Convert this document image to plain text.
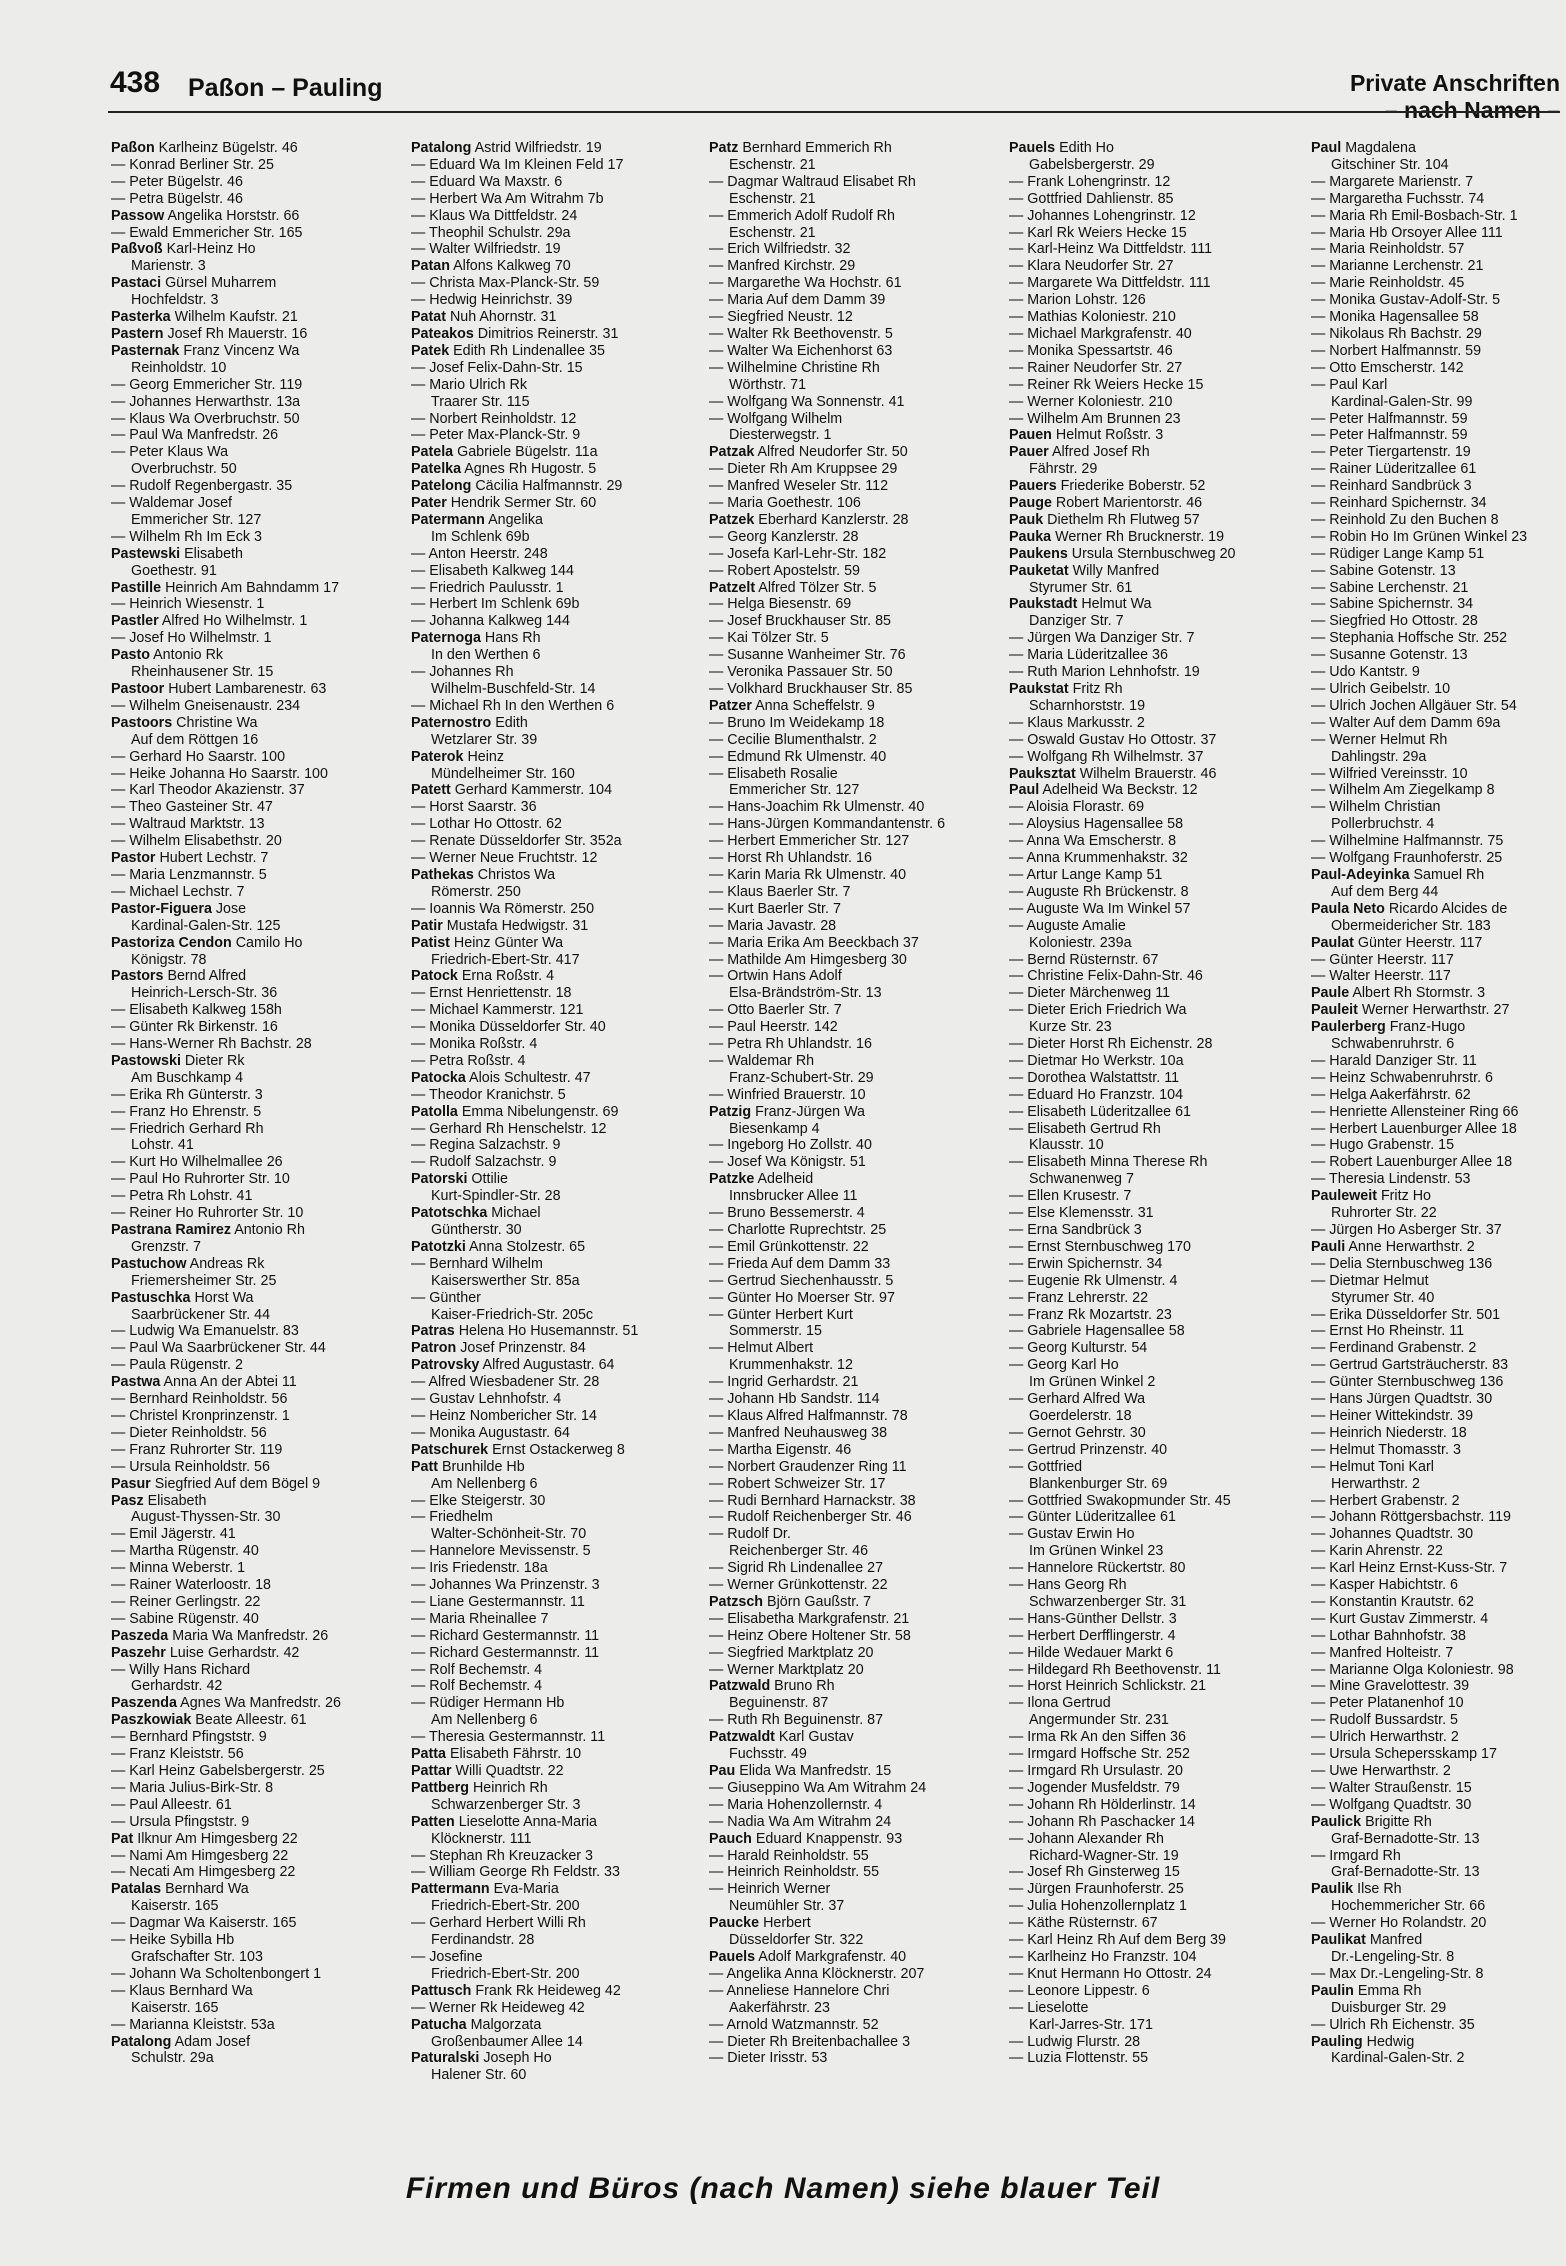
438 Paßon – Pauling	Private Anschriften
– nach Namen –
Paßon Karlheinz Bügelstr. 46
— Konrad Berliner Str. 25
— Peter Bügelstr. 46
— Petra Bügelstr. 46
Passow Angelika Horststr. 66
— Ewald Emmericher Str. 165
Paßvoß Karl-Heinz Ho
Marienstr. 3
Pastaci Gürsel Muharrem
Hochfeldstr. 3
Pasterka Wilhelm Kaufstr. 21
Pastern Josef Rh Mauerstr. 16
Pasternak Franz Vincenz Wa
Reinholdstr. 10
— Georg Emmericher Str. 119
— Johannes Herwarthstr. 13a
— Klaus Wa Overbruchstr. 50
— Paul Wa Manfredstr. 26
— Peter Klaus Wa
Overbruchstr. 50
— Rudolf Regenbergastr. 35
— Waldemar Josef
Emmericher Str. 127
— Wilhelm Rh Im Eck 3
Pastewski Elisabeth
Goethestr. 91
Pastille Heinrich Am Bahndamm 17
— Heinrich Wiesenstr. 1
Pastler Alfred Ho Wilhelmstr. 1
— Josef Ho Wilhelmstr. 1
Pasto Antonio Rk
Rheinhausener Str. 15
Pastoor Hubert Lambarenestr. 63
— Wilhelm Gneisenaustr. 234
Pastoors Christine Wa
Auf dem Röttgen 16
— Gerhard Ho Saarstr. 100
— Heike Johanna Ho Saarstr. 100
— Karl Theodor Akazienstr. 37
— Theo Gasteiner Str. 47
— Waltraud Marktstr. 13
— Wilhelm Elisabethstr. 20
Pastor Hubert Lechstr. 7
— Maria Lenzmannstr. 5
— Michael Lechstr. 7
Pastor-Figuera Jose
Kardinal-Galen-Str. 125
Pastoriza Cendon Camilo Ho
Königstr. 78
Pastors Bernd Alfred
Heinrich-Lersch-Str. 36
— Elisabeth Kalkweg 158h
— Günter Rk Birkenstr. 16
— Hans-Werner Rh Bachstr. 28
Pastowski Dieter Rk
Am Buschkamp 4
— Erika Rh Günterstr. 3
— Franz Ho Ehrenstr. 5
— Friedrich Gerhard Rh
Lohstr. 41
— Kurt Ho Wilhelmallee 26
— Paul Ho Ruhrorter Str. 10
— Petra Rh Lohstr. 41
— Reiner Ho Ruhrorter Str. 10
Pastrana Ramirez Antonio Rh
Grenzstr. 7
Pastuchow Andreas Rk
Friemersheimer Str. 25
Pastuschka Horst Wa
Saarbrückener Str. 44
— Ludwig Wa Emanuelstr. 83
— Paul Wa Saarbrückener Str. 44
— Paula Rügenstr. 2
Pastwa Anna An der Abtei 11
— Bernhard Reinholdstr. 56
— Christel Kronprinzenstr. 1
— Dieter Reinholdstr. 56
— Franz Ruhrorter Str. 119
— Ursula Reinholdstr. 56
Pasur Siegfried Auf dem Bögel 9
Pasz Elisabeth
August-Thyssen-Str. 30
— Emil Jägerstr. 41
— Martha Rügenstr. 40
— Minna Weberstr. 1
— Rainer Waterloostr. 18
— Reiner Gerlingstr. 22
— Sabine Rügenstr. 40
Paszeda Maria Wa Manfredstr. 26
Paszehr Luise Gerhardstr. 42
— Willy Hans Richard
Gerhardstr. 42
Paszenda Agnes Wa Manfredstr. 26
Paszkowiak Beate Alleestr. 61
— Bernhard Pfingststr. 9
— Franz Kleiststr. 56
— Karl Heinz Gabelsbergerstr. 25
— Maria Julius-Birk-Str. 8
— Paul Alleestr. 61
— Ursula Pfingststr. 9
Pat Ilknur Am Himgesberg 22
— Nami Am Himgesberg 22
— Necati Am Himgesberg 22
Patalas Bernhard Wa
Kaiserstr. 165
— Dagmar Wa Kaiserstr. 165
— Heike Sybilla Hb
Grafschafter Str. 103
— Johann Wa Scholtenbongert 1
— Klaus Bernhard Wa
Kaiserstr. 165
— Marianna Kleiststr. 53a
Patalong Adam Josef
Schulstr. 29a
Patalong Astrid Wilfriedstr. 19
— Eduard Wa Im Kleinen Feld 17
— Eduard Wa Maxstr. 6
— Herbert Wa Am Witrahm 7b
— Klaus Wa Dittfeldstr. 24
— Theophil Schulstr. 29a
— Walter Wilfriedstr. 19
Patan Alfons Kalkweg 70
— Christa Max-Planck-Str. 59
— Hedwig Heinrichstr. 39
Patat Nuh Ahornstr. 31
Pateakos Dimitrios Reinerstr. 31
Patek Edith Rh Lindenallee 35
— Josef Felix-Dahn-Str. 15
— Mario Ulrich Rk
Traarer Str. 115
— Norbert Reinholdstr. 12
— Peter Max-Planck-Str. 9
Patela Gabriele Bügelstr. 11a
Patelka Agnes Rh Hugostr. 5
Patelong Cäcilia Halfmannstr. 29
Pater Hendrik Sermer Str. 60
Patermann Angelika
Im Schlenk 69b
— Anton Heerstr. 248
— Elisabeth Kalkweg 144
— Friedrich Paulusstr. 1
— Herbert Im Schlenk 69b
— Johanna Kalkweg 144
Paternoga Hans Rh
In den Werthen 6
— Johannes Rh
Wilhelm-Buschfeld-Str. 14
— Michael Rh In den Werthen 6
Paternostro Edith
Wetzlarer Str. 39
Paterok Heinz
Mündelheimer Str. 160
Patett Gerhard Kammerstr. 104
— Horst Saarstr. 36
— Lothar Ho Ottostr. 62
— Renate Düsseldorfer Str. 352a
— Werner Neue Fruchtstr. 12
Pathekas Christos Wa
Römerstr. 250
— Ioannis Wa Römerstr. 250
Patir Mustafa Hedwigstr. 31
Patist Heinz Günter Wa
Friedrich-Ebert-Str. 417
Patock Erna Roßstr. 4
— Ernst Henriettenstr. 18
— Michael Kammerstr. 121
— Monika Düsseldorfer Str. 40
— Monika Roßstr. 4
— Petra Roßstr. 4
Patocka Alois Schultestr. 47
— Theodor Kranichstr. 5
Patolla Emma Nibelungenstr. 69
— Gerhard Rh Henschelstr. 12
— Regina Salzachstr. 9
— Rudolf Salzachstr. 9
Patorski Ottilie
Kurt-Spindler-Str. 28
Patotschka Michael
Güntherstr. 30
Patotzki Anna Stolzestr. 65
— Bernhard Wilhelm
Kaiserswerther Str. 85a
— Günther
Kaiser-Friedrich-Str. 205c
Patras Helena Ho Husemannstr. 51
Patron Josef Prinzenstr. 84
Patrovsky Alfred Augustastr. 64
— Alfred Wiesbadener Str. 28
— Gustav Lehnhofstr. 4
— Heinz Nombericher Str. 14
— Monika Augustastr. 64
Patschurek Ernst Ostackerweg 8
Patt Brunhilde Hb
Am Nellenberg 6
— Elke Steigerstr. 30
— Friedhelm
Walter-Schönheit-Str. 70
— Hannelore Mevissenstr. 5
— Iris Friedenstr. 18a
— Johannes Wa Prinzenstr. 3
— Liane Gestermannstr. 11
— Maria Rheinallee 7
— Richard Gestermannstr. 11
— Richard Gestermannstr. 11
— Rolf Bechemstr. 4
— Rolf Bechemstr. 4
— Rüdiger Hermann Hb
Am Nellenberg 6
— Theresia Gestermannstr. 11
Patta Elisabeth Fährstr. 10
Pattar Willi Quadtstr. 22
Pattberg Heinrich Rh
Schwarzenberger Str. 3
Patten Lieselotte Anna-Maria
Klöcknerstr. 111
— Stephan Rh Kreuzacker 3
— William George Rh Feldstr. 33
Pattermann Eva-Maria
Friedrich-Ebert-Str. 200
— Gerhard Herbert Willi Rh
Ferdinandstr. 28
— Josefine
Friedrich-Ebert-Str. 200
Pattusch Frank Rk Heideweg 42
— Werner Rk Heideweg 42
Patucha Malgorzata
Großenbaumer Allee 14
Paturalski Joseph Ho
Halener Str. 60
Patz Bernhard Emmerich Rh
Eschenstr. 21
— Dagmar Waltraud Elisabet Rh
Eschenstr. 21
— Emmerich Adolf Rudolf Rh
Eschenstr. 21
— Erich Wilfriedstr. 32
— Manfred Kirchstr. 29
— Margarethe Wa Hochstr. 61
— Maria Auf dem Damm 39
— Siegfried Neustr. 12
— Walter Rk Beethovenstr. 5
— Walter Wa Eichenhorst 63
— Wilhelmine Christine Rh
Wörthstr. 71
— Wolfgang Wa Sonnenstr. 41
— Wolfgang Wilhelm
Diesterwegstr. 1
Patzak Alfred Neudorfer Str. 50
— Dieter Rh Am Kruppsee 29
— Manfred Weseler Str. 112
— Maria Goethestr. 106
Patzek Eberhard Kanzlerstr. 28
— Georg Kanzlerstr. 28
— Josefa Karl-Lehr-Str. 182
— Robert Apostelstr. 59
Patzelt Alfred Tölzer Str. 5
— Helga Biesenstr. 69
— Josef Bruckhauser Str. 85
— Kai Tölzer Str. 5
— Susanne Wanheimer Str. 76
— Veronika Passauer Str. 50
— Volkhard Bruckhauser Str. 85
Patzer Anna Scheffelstr. 9
— Bruno Im Weidekamp 18
— Cecilie Blumenthalstr. 2
— Edmund Rk Ulmenstr. 40
— Elisabeth Rosalie
Emmericher Str. 127
— Hans-Joachim Rk Ulmenstr. 40
— Hans-Jürgen Kommandantenstr. 6
— Herbert Emmericher Str. 127
— Horst Rh Uhlandstr. 16
— Karin Maria Rk Ulmenstr. 40
— Klaus Baerler Str. 7
— Kurt Baerler Str. 7
— Maria Javastr. 28
— Maria Erika Am Beeckbach 37
— Mathilde Am Himgesberg 30
— Ortwin Hans Adolf
Elsa-Brändström-Str. 13
— Otto Baerler Str. 7
— Paul Heerstr. 142
— Petra Rh Uhlandstr. 16
— Waldemar Rh
Franz-Schubert-Str. 29
— Winfried Brauerstr. 10
Patzig Franz-Jürgen Wa
Biesenkamp 4
— Ingeborg Ho Zollstr. 40
— Josef Wa Königstr. 51
Patzke Adelheid
Innsbrucker Allee 11
— Bruno Bessemerstr. 4
— Charlotte Ruprechtstr. 25
— Emil Grünkottenstr. 22
— Frieda Auf dem Damm 33
— Gertrud Siechenhausstr. 5
— Günter Ho Moerser Str. 97
— Günter Herbert Kurt
Sommerstr. 15
— Helmut Albert
Krummenhakstr. 12
— Ingrid Gerhardstr. 21
— Johann Hb Sandstr. 114
— Klaus Alfred Halfmannstr. 78
— Manfred Neuhausweg 38
— Martha Eigenstr. 46
— Norbert Graudenzer Ring 11
— Robert Schweizer Str. 17
— Rudi Bernhard Harnackstr. 38
— Rudolf Reichenberger Str. 46
— Rudolf Dr.
Reichenberger Str. 46
— Sigrid Rh Lindenallee 27
— Werner Grünkottenstr. 22
Patzsch Björn Gaußstr. 7
— Elisabetha Markgrafenstr. 21
— Heinz Obere Holtener Str. 58
— Siegfried Marktplatz 20
— Werner Marktplatz 20
Patzwald Bruno Rh
Beguinenstr. 87
— Ruth Rh Beguinenstr. 87
Patzwaldt Karl Gustav
Fuchsstr. 49
Pau Elida Wa Manfredstr. 15
— Giuseppino Wa Am Witrahm 24
— Maria Hohenzollernstr. 4
— Nadia Wa Am Witrahm 24
Pauch Eduard Knappenstr. 93
— Harald Reinholdstr. 55
— Heinrich Reinholdstr. 55
— Heinrich Werner
Neumühler Str. 37
Paucke Herbert
Düsseldorfer Str. 322
Pauels Adolf Markgrafenstr. 40
— Angelika Anna Klöcknerstr. 207
— Anneliese Hannelore Chri
Aakerfährstr. 23
— Arnold Watzmannstr. 52
— Dieter Rh Breitenbachallee 3
— Dieter Irisstr. 53
Pauels Edith Ho
Gabelsbergerstr. 29
— Frank Lohengrinstr. 12
— Gottfried Dahlienstr. 85
— Johannes Lohengrinstr. 12
— Karl Rk Weiers Hecke 15
— Karl-Heinz Wa Dittfeldstr. 111
— Klara Neudorfer Str. 27
— Margarete Wa Dittfeldstr. 111
— Marion Lohstr. 126
— Mathias Koloniestr. 210
— Michael Markgrafenstr. 40
— Monika Spessartstr. 46
— Rainer Neudorfer Str. 27
— Reiner Rk Weiers Hecke 15
— Werner Koloniestr. 210
— Wilhelm Am Brunnen 23
Pauen Helmut Roßstr. 3
Pauer Alfred Josef Rh
Fährstr. 29
Pauers Friederike Boberstr. 52
Pauge Robert Marientorstr. 46
Pauk Diethelm Rh Flutweg 57
Pauka Werner Rh Brucknerstr. 19
Paukens Ursula Sternbuschweg 20
Pauketat Willy Manfred
Styrumer Str. 61
Paukstadt Helmut Wa
Danziger Str. 7
— Jürgen Wa Danziger Str. 7
— Maria Lüderitzallee 36
— Ruth Marion Lehnhofstr. 19
Paukstat Fritz Rh
Scharnhorststr. 19
— Klaus Markusstr. 2
— Oswald Gustav Ho Ottostr. 37
— Wolfgang Rh Wilhelmstr. 37
Pauksztat Wilhelm Brauerstr. 46
Paul Adelheid Wa Beckstr. 12
— Aloisia Florastr. 69
— Aloysius Hagensallee 58
— Anna Wa Emscherstr. 8
— Anna Krummenhakstr. 32
— Artur Lange Kamp 51
— Auguste Rh Brückenstr. 8
— Auguste Wa Im Winkel 57
— Auguste Amalie
Koloniestr. 239a
— Bernd Rüsternstr. 67
— Christine Felix-Dahn-Str. 46
— Dieter Märchenweg 11
— Dieter Erich Friedrich Wa
Kurze Str. 23
— Dieter Horst Rh Eichenstr. 28
— Dietmar Ho Werkstr. 10a
— Dorothea Walstattstr. 11
— Eduard Ho Franzstr. 104
— Elisabeth Lüderitzallee 61
— Elisabeth Gertrud Rh
Klausstr. 10
— Elisabeth Minna Therese Rh
Schwanenweg 7
— Ellen Krusestr. 7
— Else Klemensstr. 31
— Erna Sandbrück 3
— Ernst Sternbuschweg 170
— Erwin Spichernstr. 34
— Eugenie Rk Ulmenstr. 4
— Franz Lehrerstr. 22
— Franz Rk Mozartstr. 23
— Gabriele Hagensallee 58
— Georg Kulturstr. 54
— Georg Karl Ho
Im Grünen Winkel 2
— Gerhard Alfred Wa
Goerdelerstr. 18
— Gernot Gehrstr. 30
— Gertrud Prinzenstr. 40
— Gottfried
Blankenburger Str. 69
— Gottfried Swakopmunder Str. 45
— Günter Lüderitzallee 61
— Gustav Erwin Ho
Im Grünen Winkel 23
— Hannelore Rückertstr. 80
— Hans Georg Rh
Schwarzenberger Str. 31
— Hans-Günther Dellstr. 3
— Herbert Derfflingerstr. 4
— Hilde Wedauer Markt 6
— Hildegard Rh Beethovenstr. 11
— Horst Heinrich Schlickstr. 21
— Ilona Gertrud
Angermunder Str. 231
— Irma Rk An den Siffen 36
— Irmgard Hoffsche Str. 252
— Irmgard Rh Ursulastr. 20
— Jogender Musfeldstr. 79
— Johann Rh Hölderlinstr. 14
— Johann Rh Paschacker 14
— Johann Alexander Rh
Richard-Wagner-Str. 19
— Josef Rh Ginsterweg 15
— Jürgen Fraunhoferstr. 25
— Julia Hohenzollernplatz 1
— Käthe Rüsternstr. 67
— Karl Heinz Rh Auf dem Berg 39
— Karlheinz Ho Franzstr. 104
— Knut Hermann Ho Ottostr. 24
— Leonore Lippestr. 6
— Lieselotte
Karl-Jarres-Str. 171
— Ludwig Flurstr. 28
— Luzia Flottenstr. 55
Paul Magdalena
Gitschiner Str. 104
— Margarete Marienstr. 7
— Margaretha Fuchsstr. 74
— Maria Rh Emil-Bosbach-Str. 1
— Maria Hb Orsoyer Allee 111
— Maria Reinholdstr. 57
— Marianne Lerchenstr. 21
— Marie Reinholdstr. 45
— Monika Gustav-Adolf-Str. 5
— Monika Hagensallee 58
— Nikolaus Rh Bachstr. 29
— Norbert Halfmannstr. 59
— Otto Emscherstr. 142
— Paul Karl
Kardinal-Galen-Str. 99
— Peter Halfmannstr. 59
— Peter Halfmannstr. 59
— Peter Tiergartenstr. 19
— Rainer Lüderitzallee 61
— Reinhard Sandbrück 3
— Reinhard Spichernstr. 34
— Reinhold Zu den Buchen 8
— Robin Ho Im Grünen Winkel 23
— Rüdiger Lange Kamp 51
— Sabine Gotenstr. 13
— Sabine Lerchenstr. 21
— Sabine Spichernstr. 34
— Siegfried Ho Ottostr. 28
— Stephania Hoffsche Str. 252
— Susanne Gotenstr. 13
— Udo Kantstr. 9
— Ulrich Geibelstr. 10
— Ulrich Jochen Allgäuer Str. 54
— Walter Auf dem Damm 69a
— Werner Helmut Rh
Dahlingstr. 29a
— Wilfried Vereinsstr. 10
— Wilhelm Am Ziegelkamp 8
— Wilhelm Christian
Pollerbruchstr. 4
— Wilhelmine Halfmannstr. 75
— Wolfgang Fraunhoferstr. 25
Paul-Adeyinka Samuel Rh
Auf dem Berg 44
Paula Neto Ricardo Alcides de
Obermeidericher Str. 183
Paulat Günter Heerstr. 117
— Günter Heerstr. 117
— Walter Heerstr. 117
Paule Albert Rh Stormstr. 3
Pauleit Werner Herwarthstr. 27
Paulerberg Franz-Hugo
Schwabenruhrstr. 6
— Harald Danziger Str. 11
— Heinz Schwabenruhrstr. 6
— Helga Aakerfährstr. 62
— Henriette Allensteiner Ring 66
— Herbert Lauenburger Allee 18
— Hugo Grabenstr. 15
— Robert Lauenburger Allee 18
— Theresia Lindenstr. 53
Pauleweit Fritz Ho
Ruhrorter Str. 22
— Jürgen Ho Asberger Str. 37
Pauli Anne Herwarthstr. 2
— Delia Sternbuschweg 136
— Dietmar Helmut
Styrumer Str. 40
— Erika Düsseldorfer Str. 501
— Ernst Ho Rheinstr. 11
— Ferdinand Grabenstr. 2
— Gertrud Gartsträucherstr. 83
— Günter Sternbuschweg 136
— Hans Jürgen Quadtstr. 30
— Heiner Wittekindstr. 39
— Heinrich Niederstr. 18
— Helmut Thomasstr. 3
— Helmut Toni Karl
Herwarthstr. 2
— Herbert Grabenstr. 2
— Johann Röttgersbachstr. 119
— Johannes Quadtstr. 30
— Karin Ahrenstr. 22
— Karl Heinz Ernst-Kuss-Str. 7
— Kasper Habichtstr. 6
— Konstantin Krautstr. 62
— Kurt Gustav Zimmerstr. 4
— Lothar Bahnhofstr. 38
— Manfred Holteistr. 7
— Marianne Olga Koloniestr. 98
— Mine Gravelottestr. 39
— Peter Platanenhof 10
— Rudolf Bussardstr. 5
— Ulrich Herwarthstr. 2
— Ursula Schepersskamp 17
— Uwe Herwarthstr. 2
— Walter Straußenstr. 15
— Wolfgang Quadtstr. 30
Paulick Brigitte Rh
Graf-Bernadotte-Str. 13
— Irmgard Rh
Graf-Bernadotte-Str. 13
Paulik Ilse Rh
Hochemmericher Str. 66
— Werner Ho Rolandstr. 20
Paulikat Manfred
Dr.-Lengeling-Str. 8
— Max Dr.-Lengeling-Str. 8
Paulin Emma Rh
Duisburger Str. 29
— Ulrich Rh Eichenstr. 35
Pauling Hedwig
Kardinal-Galen-Str. 2
Firmen und Büros (nach Namen) siehe blauer Teil
